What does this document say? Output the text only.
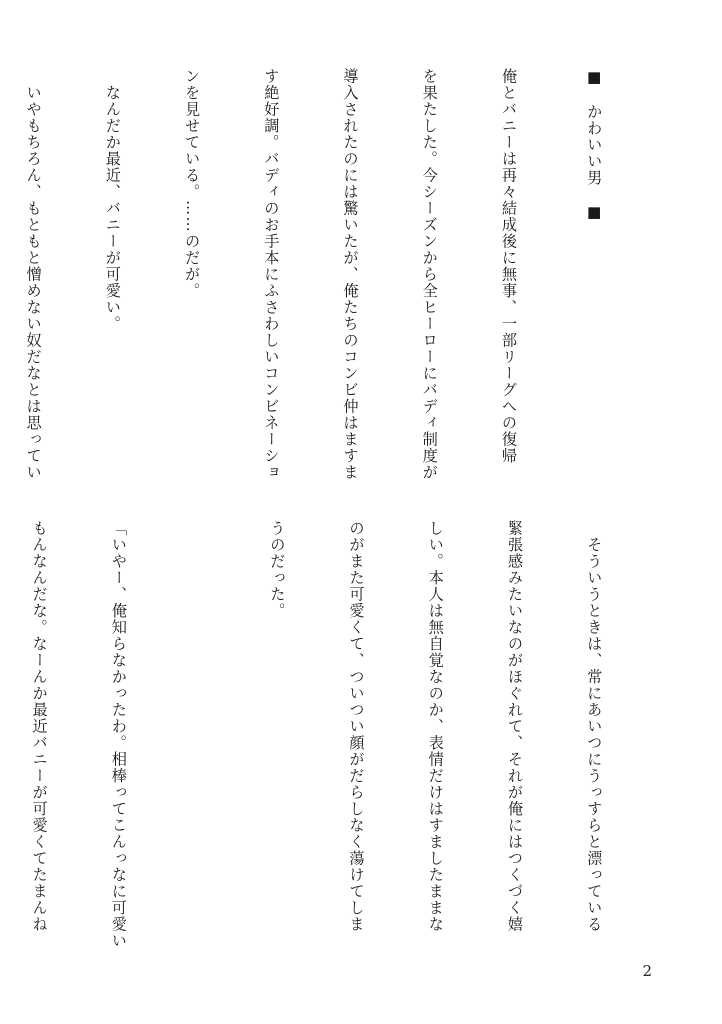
■　かわいい男　■

俺とバニーは再々結成後に無事、一部リーグへの復帰

を果たした。今シーズンから全ヒーローにバディ制度が

導入されたのには驚いたが、俺たちのコンビ仲はますま

す絶好調。バディのお手本にふさわしいコンビネーショ

ンを見せている。……のだが。

　なんだか最近、バニーが可愛い。

　いやもちろん、もともと憎めない奴だなとは思ってい

　そういうときは、常にあいつにうっすらと漂っている

緊張感みたいなのがほぐれて、それが俺にはつくづく嬉

しい。本人は無自覚なのか、表情だけはすましたままな

のがまた可愛くて、ついつい顔がだらしなく蕩けてしま

うのだった。

「いやー、俺知らなかったわ。相棒ってこんっなに可愛い

もんなんだな。なーんか最近バニーが可愛くてたまんね

2
